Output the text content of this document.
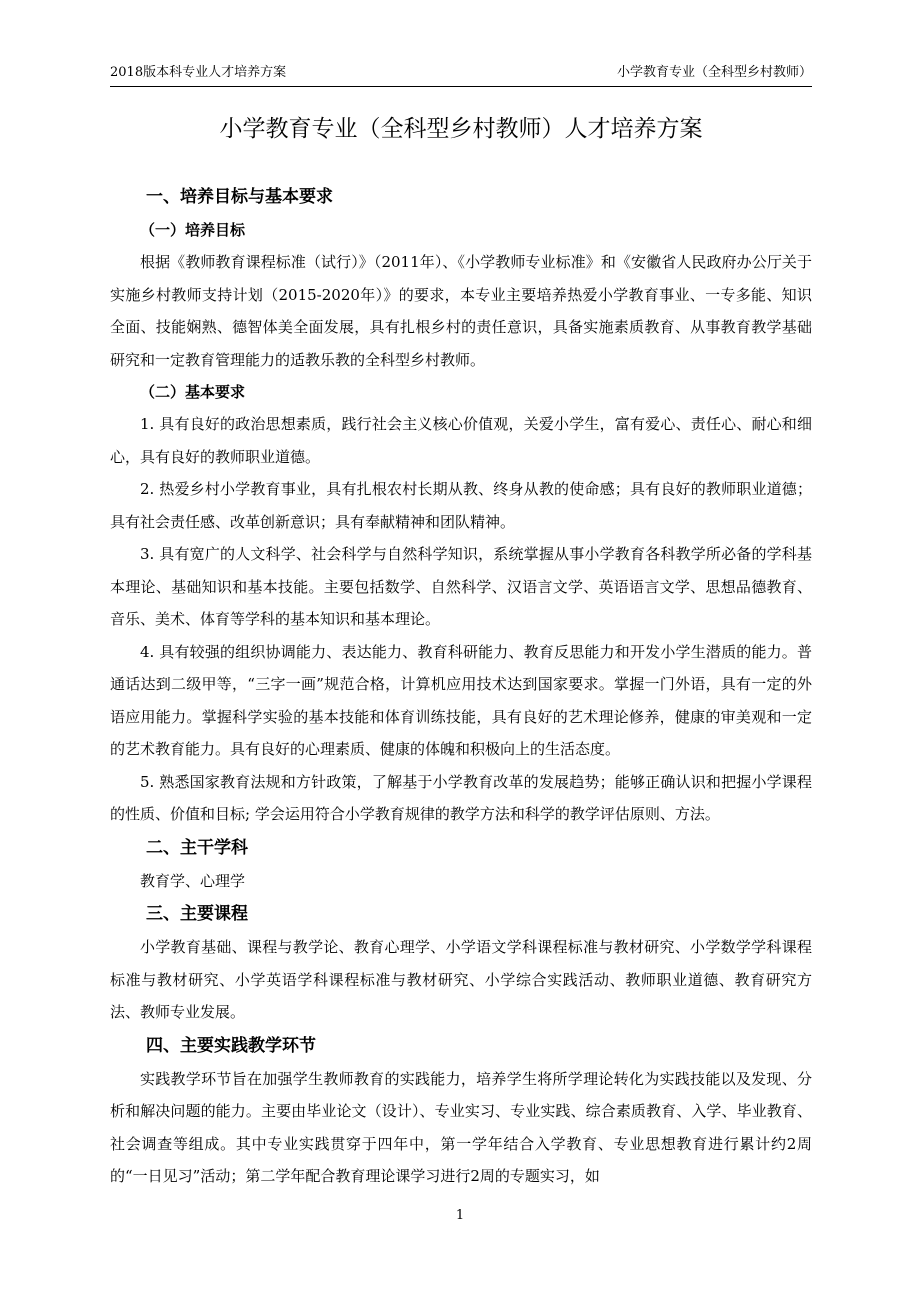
2018版本科专业人才培养方案	小学教育专业（全科型乡村教师）
小学教育专业（全科型乡村教师）人才培养方案
一、培养目标与基本要求
（一）培养目标

根据《教师教育课程标准（试行）》（2011年）、《小学教师专业标准》和《安徽省人民政府办公厅关于实施乡村教师支持计划（2015-2020年）》的要求，本专业主要培养热爱小学教育事业、一专多能、知识全面、技能娴熟、德智体美全面发展，具有扎根乡村的责任意识，具备实施素质教育、从事教育教学基础研究和一定教育管理能力的适教乐教的全科型乡村教师。

（二）基本要求

1. 具有良好的政治思想素质，践行社会主义核心价值观，关爱小学生，富有爱心、责任心、耐心和细心，具有良好的教师职业道德。

2. 热爱乡村小学教育事业，具有扎根农村长期从教、终身从教的使命感；具有良好的教师职业道德；具有社会责任感、改革创新意识；具有奉献精神和团队精神。

3. 具有宽广的人文科学、社会科学与自然科学知识，系统掌握从事小学教育各科教学所必备的学科基本理论、基础知识和基本技能。主要包括数学、自然科学、汉语言文学、英语语言文学、思想品德教育、音乐、美术、体育等学科的基本知识和基本理论。

4. 具有较强的组织协调能力、表达能力、教育科研能力、教育反思能力和开发小学生潜质的能力。普通话达到二级甲等，“三字一画”规范合格，计算机应用技术达到国家要求。掌握一门外语，具有一定的外语应用能力。掌握科学实验的基本技能和体育训练技能，具有良好的艺术理论修养，健康的审美观和一定的艺术教育能力。具有良好的心理素质、健康的体魄和积极向上的生活态度。

5. 熟悉国家教育法规和方针政策，了解基于小学教育改革的发展趋势；能够正确认识和把握小学课程的性质、价值和目标; 学会运用符合小学教育规律的教学方法和科学的教学评估原则、方法。

二、主干学科

教育学、心理学

三、主要课程

小学教育基础、课程与教学论、教育心理学、小学语文学科课程标准与教材研究、小学数学学科课程标准与教材研究、小学英语学科课程标准与教材研究、小学综合实践活动、教师职业道德、教育研究方法、教师专业发展。

四、主要实践教学环节

实践教学环节旨在加强学生教师教育的实践能力，培养学生将所学理论转化为实践技能以及发现、分析和解决问题的能力。主要由毕业论文（设计）、专业实习、专业实践、综合素质教育、入学、毕业教育、社会调查等组成。其中专业实践贯穿于四年中，第一学年结合入学教育、专业思想教育进行累计约2周的“一日见习”活动；第二学年配合教育理论课学习进行2周的专题实习，如

1
